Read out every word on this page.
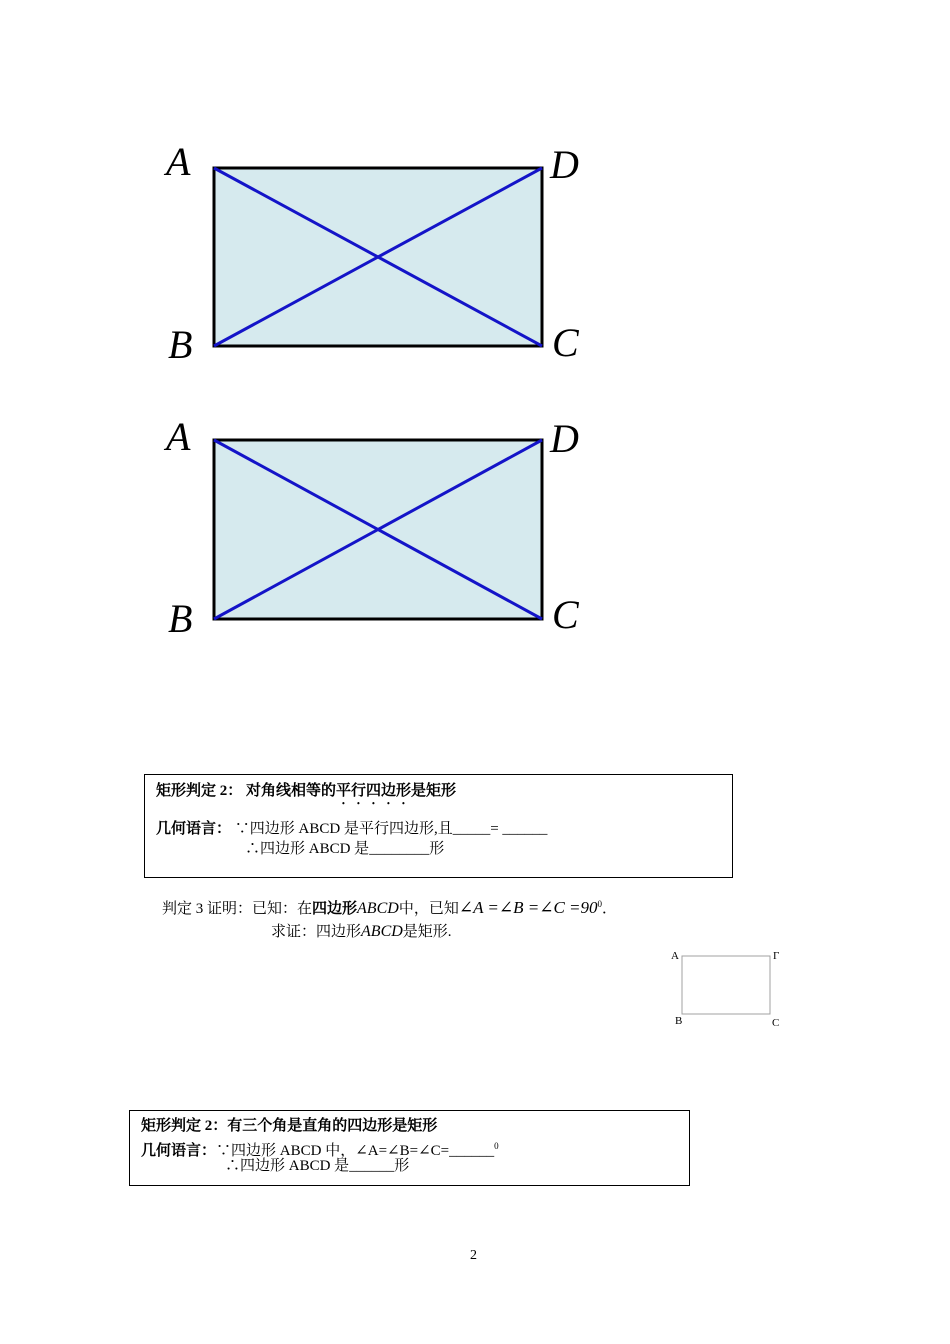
A	D
B	C
A	D
B	C
矩形判定 2： 对角线相等的平行四边形是矩形
几何语言： ∵四边形 ABCD 是平行四边形,且_____= ______
∴四边形 ABCD 是________形
判定 3 证明：已知：在四边形ABCD中，已知∠A =∠B =∠C $=90^0$．
求证：四边形ABCD是矩形.
A	Γ
B	C
矩形判定 2：有三个角是直角的四边形是矩形
几何语言：∵四边形 ABCD 中，∠A=∠B=∠C=______$^0$
∴四边形 ABCD 是______形
2
